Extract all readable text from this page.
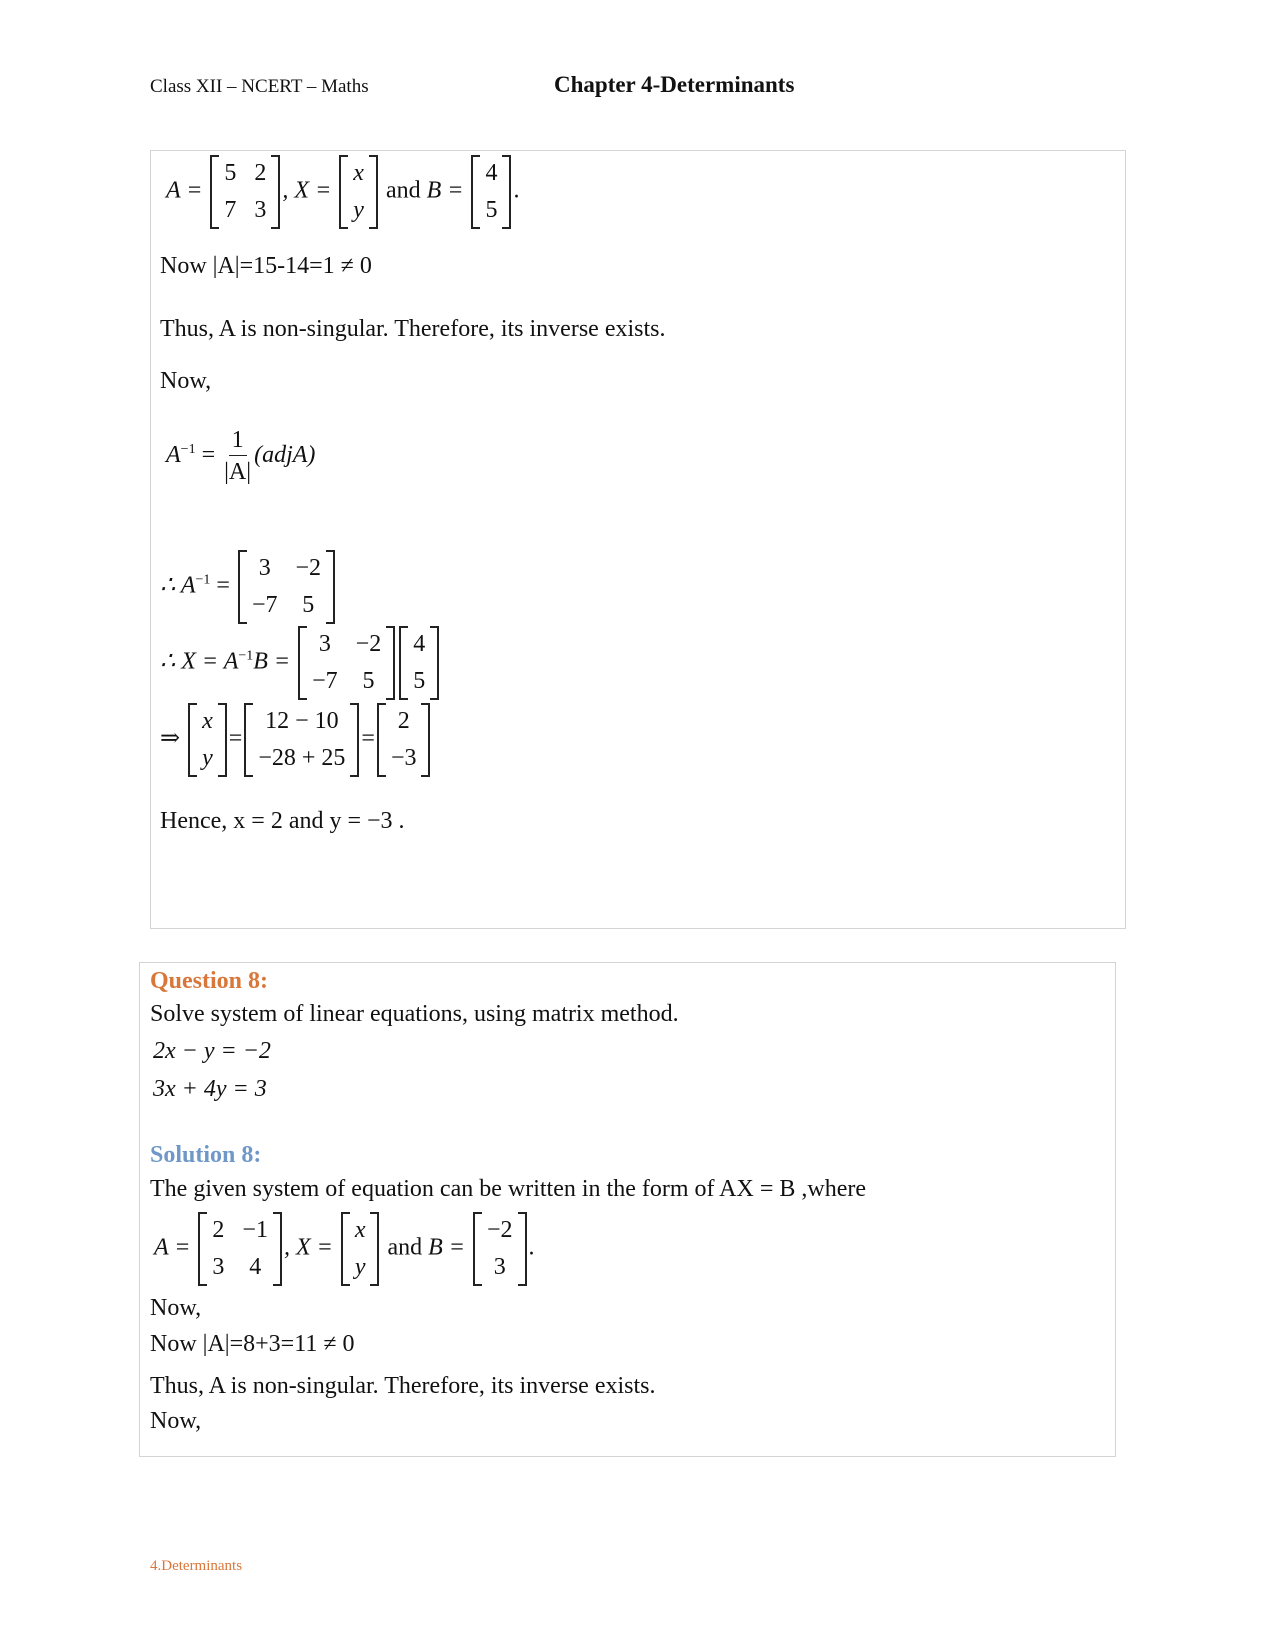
Class XII – NCERT – Maths	Chapter 4-Determinants
A =
5 2
7 3
, X =
x
y
and B =
4
5
.
Now |A|=15-14=1 ≠ 0
Thus, A is non-singular. Therefore, its inverse exists.
Now,
$A^{-1} = \frac{1}{|A|}$ (adjA)
∴ $A^{-1}$ =
3 −2
−7 5
∴ $X = A^{-1}B$ =
3 −2
−7 5
4
5
⇒
x
y
=
12 − 10
−28 + 25
=
2
−3
Hence, x = 2 and y = −3 .
Question 8:
Solve system of linear equations, using matrix method.
2x − y = −2
3x + 4y = 3
Solution 8:
The given system of equation can be written in the form of AX = B ,where
A =
2 −1
3 4
, X =
x
y
and B =
−2
3
.
Now,
Now |A|=8+3=11 ≠ 0
Thus, A is non-singular. Therefore, its inverse exists.
Now,
4.Determinants
